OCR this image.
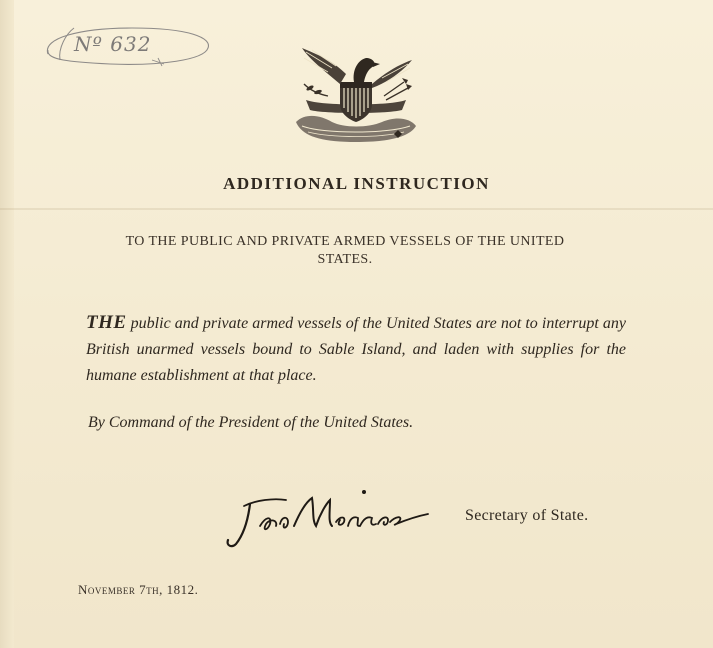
Nº 632
ADDITIONAL INSTRUCTION
TO THE PUBLIC AND PRIVATE ARMED VESSELS OF THE UNITED STATES.

THE public and private armed vessels of the United States are not to interrupt any British unarmed vessels bound to Sable Island, and laden with supplies for the humane establishment at that place.

By Command of the President of the United States.
Secretary of State.
November 7th, 1812.
